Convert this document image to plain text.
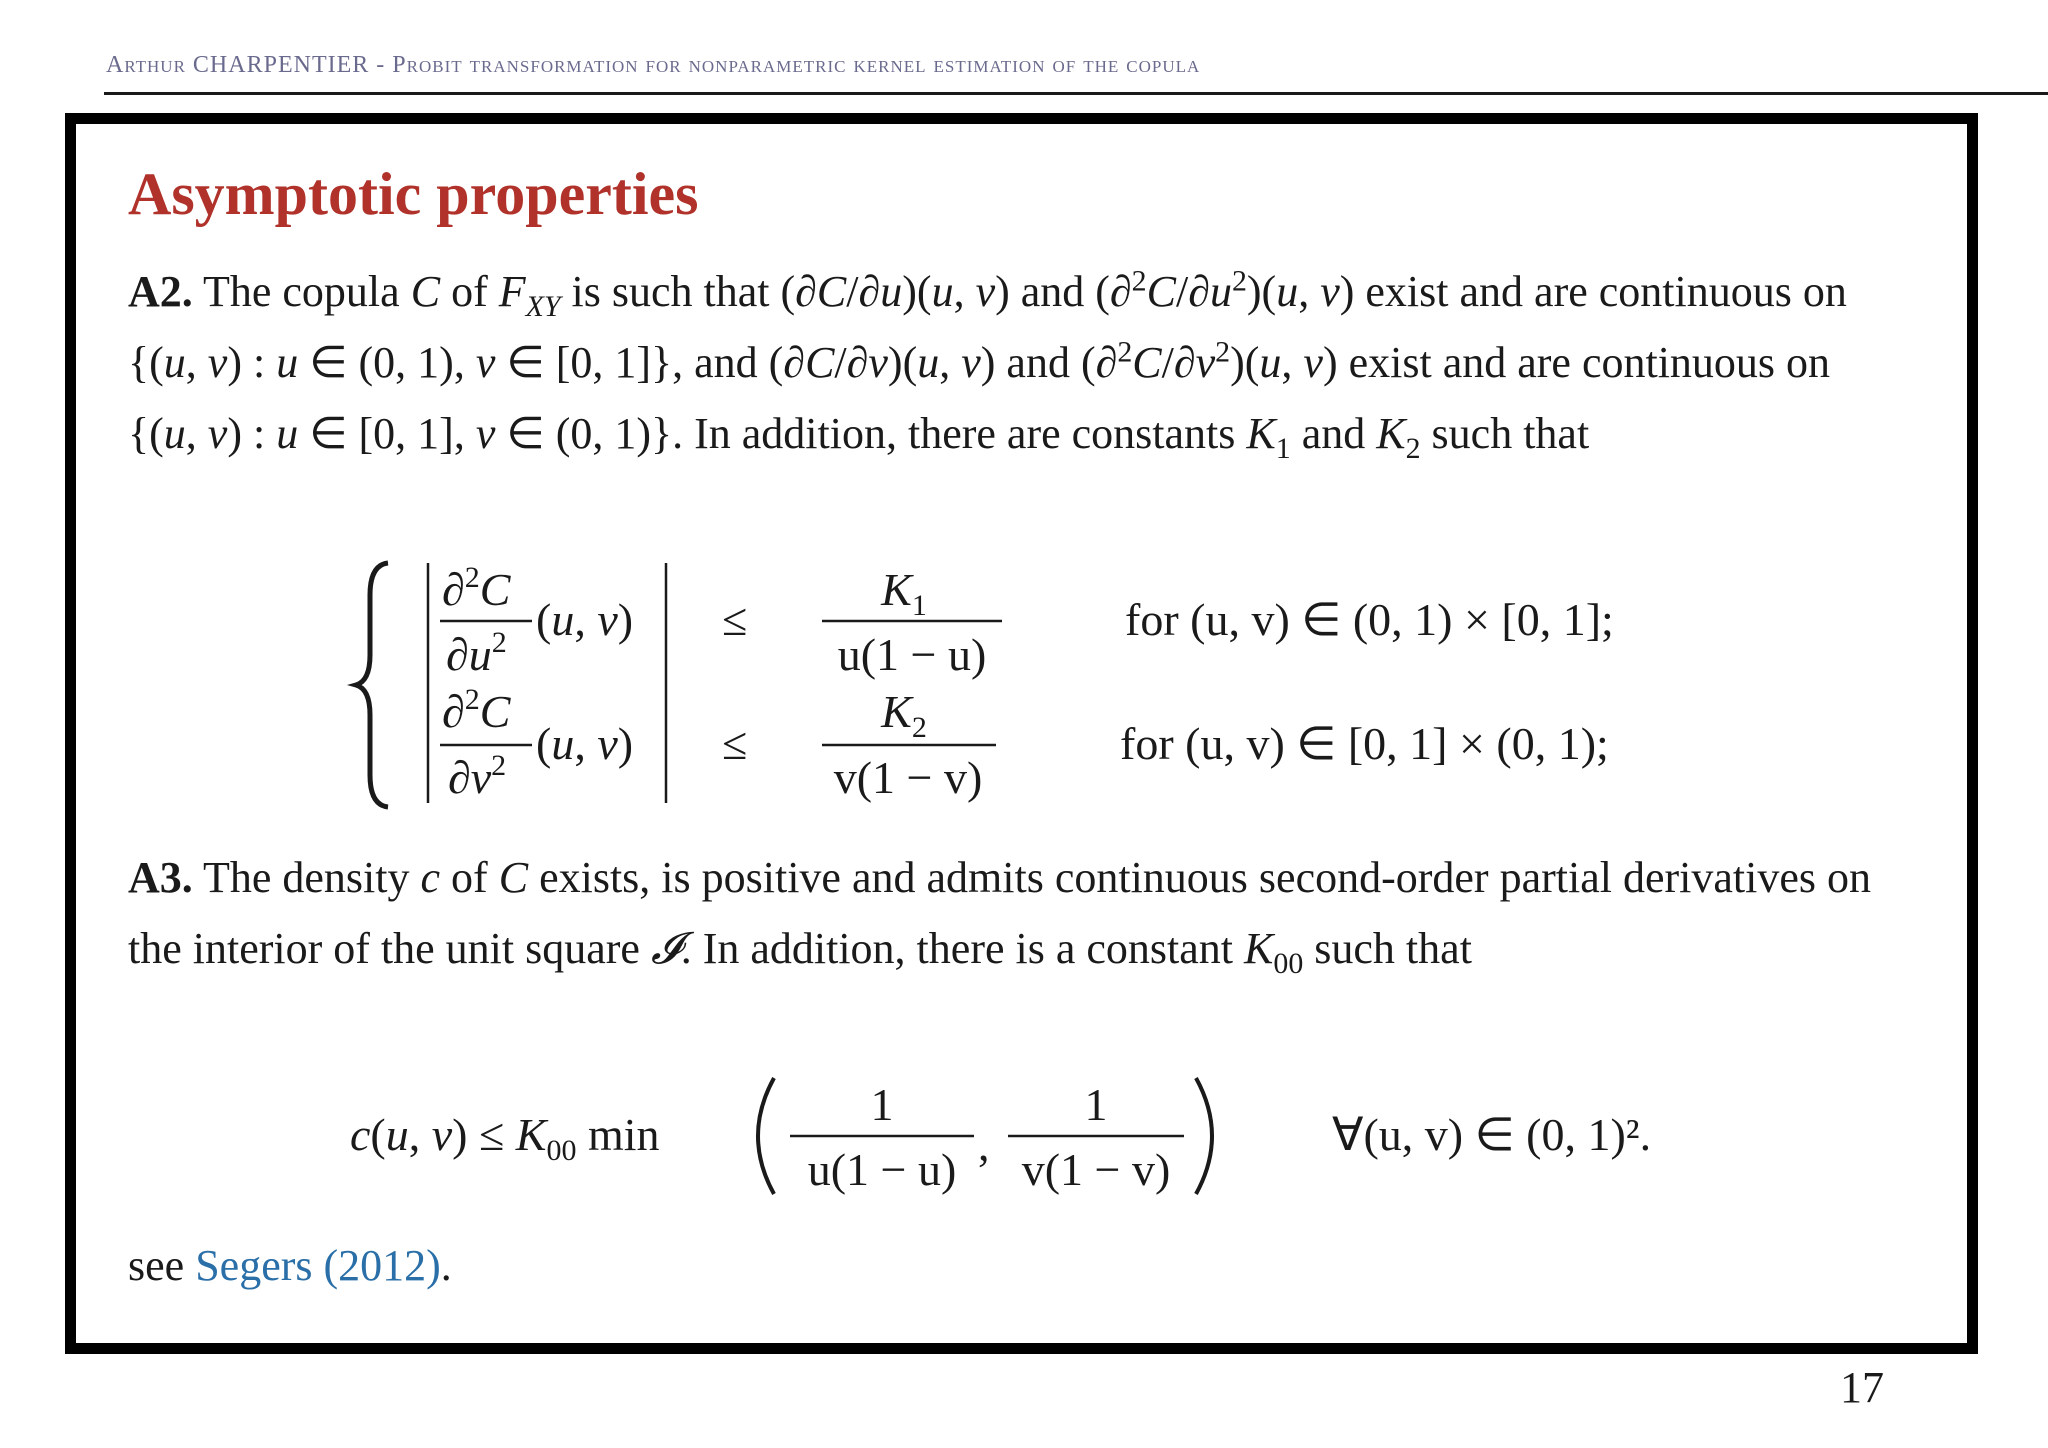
Arthur CHARPENTIER - Probit transformation for nonparametric kernel estimation of the copula
Asymptotic properties
A2. The copula C of $F_{XY}$ is such that (∂C/∂u)(u, v) and $(\partial^2C/\partial u^2)(u$, v) exist and are continuous on {(u, v) : u ∈ (0, 1), v ∈ [0, 1]}, and (∂C/∂v)(u, v) and $(\partial^2C/\partial v^2)(u$, v) exist and are continuous on {(u, v) : u ∈ [0, 1], v ∈ (0, 1)}. In addition, there are constants $K_1$ and $K_2$ such that
∂$^2$C
$\partial u^2$ (u, v) ≤
$K_1$
u(1 − u)
for (u, v) ∈ (0, 1) × [0, 1];
∂$^2$C
$\partial v^2$ (u, v) ≤
$K_2$
v(1 − v)
for (u, v) ∈ [0, 1] × (0, 1);
A3. The density c of C exists, is positive and admits continuous second-order partial derivatives on the interior of the unit square 𝓘. In addition, there is a constant $K_{00}$ such that
c(u, $v) \le K_{00}$ min
1
u(1 − u) ,
1
v(1 − v)
∀(u, v) ∈ (0, 1)².
see Segers (2012).
17
